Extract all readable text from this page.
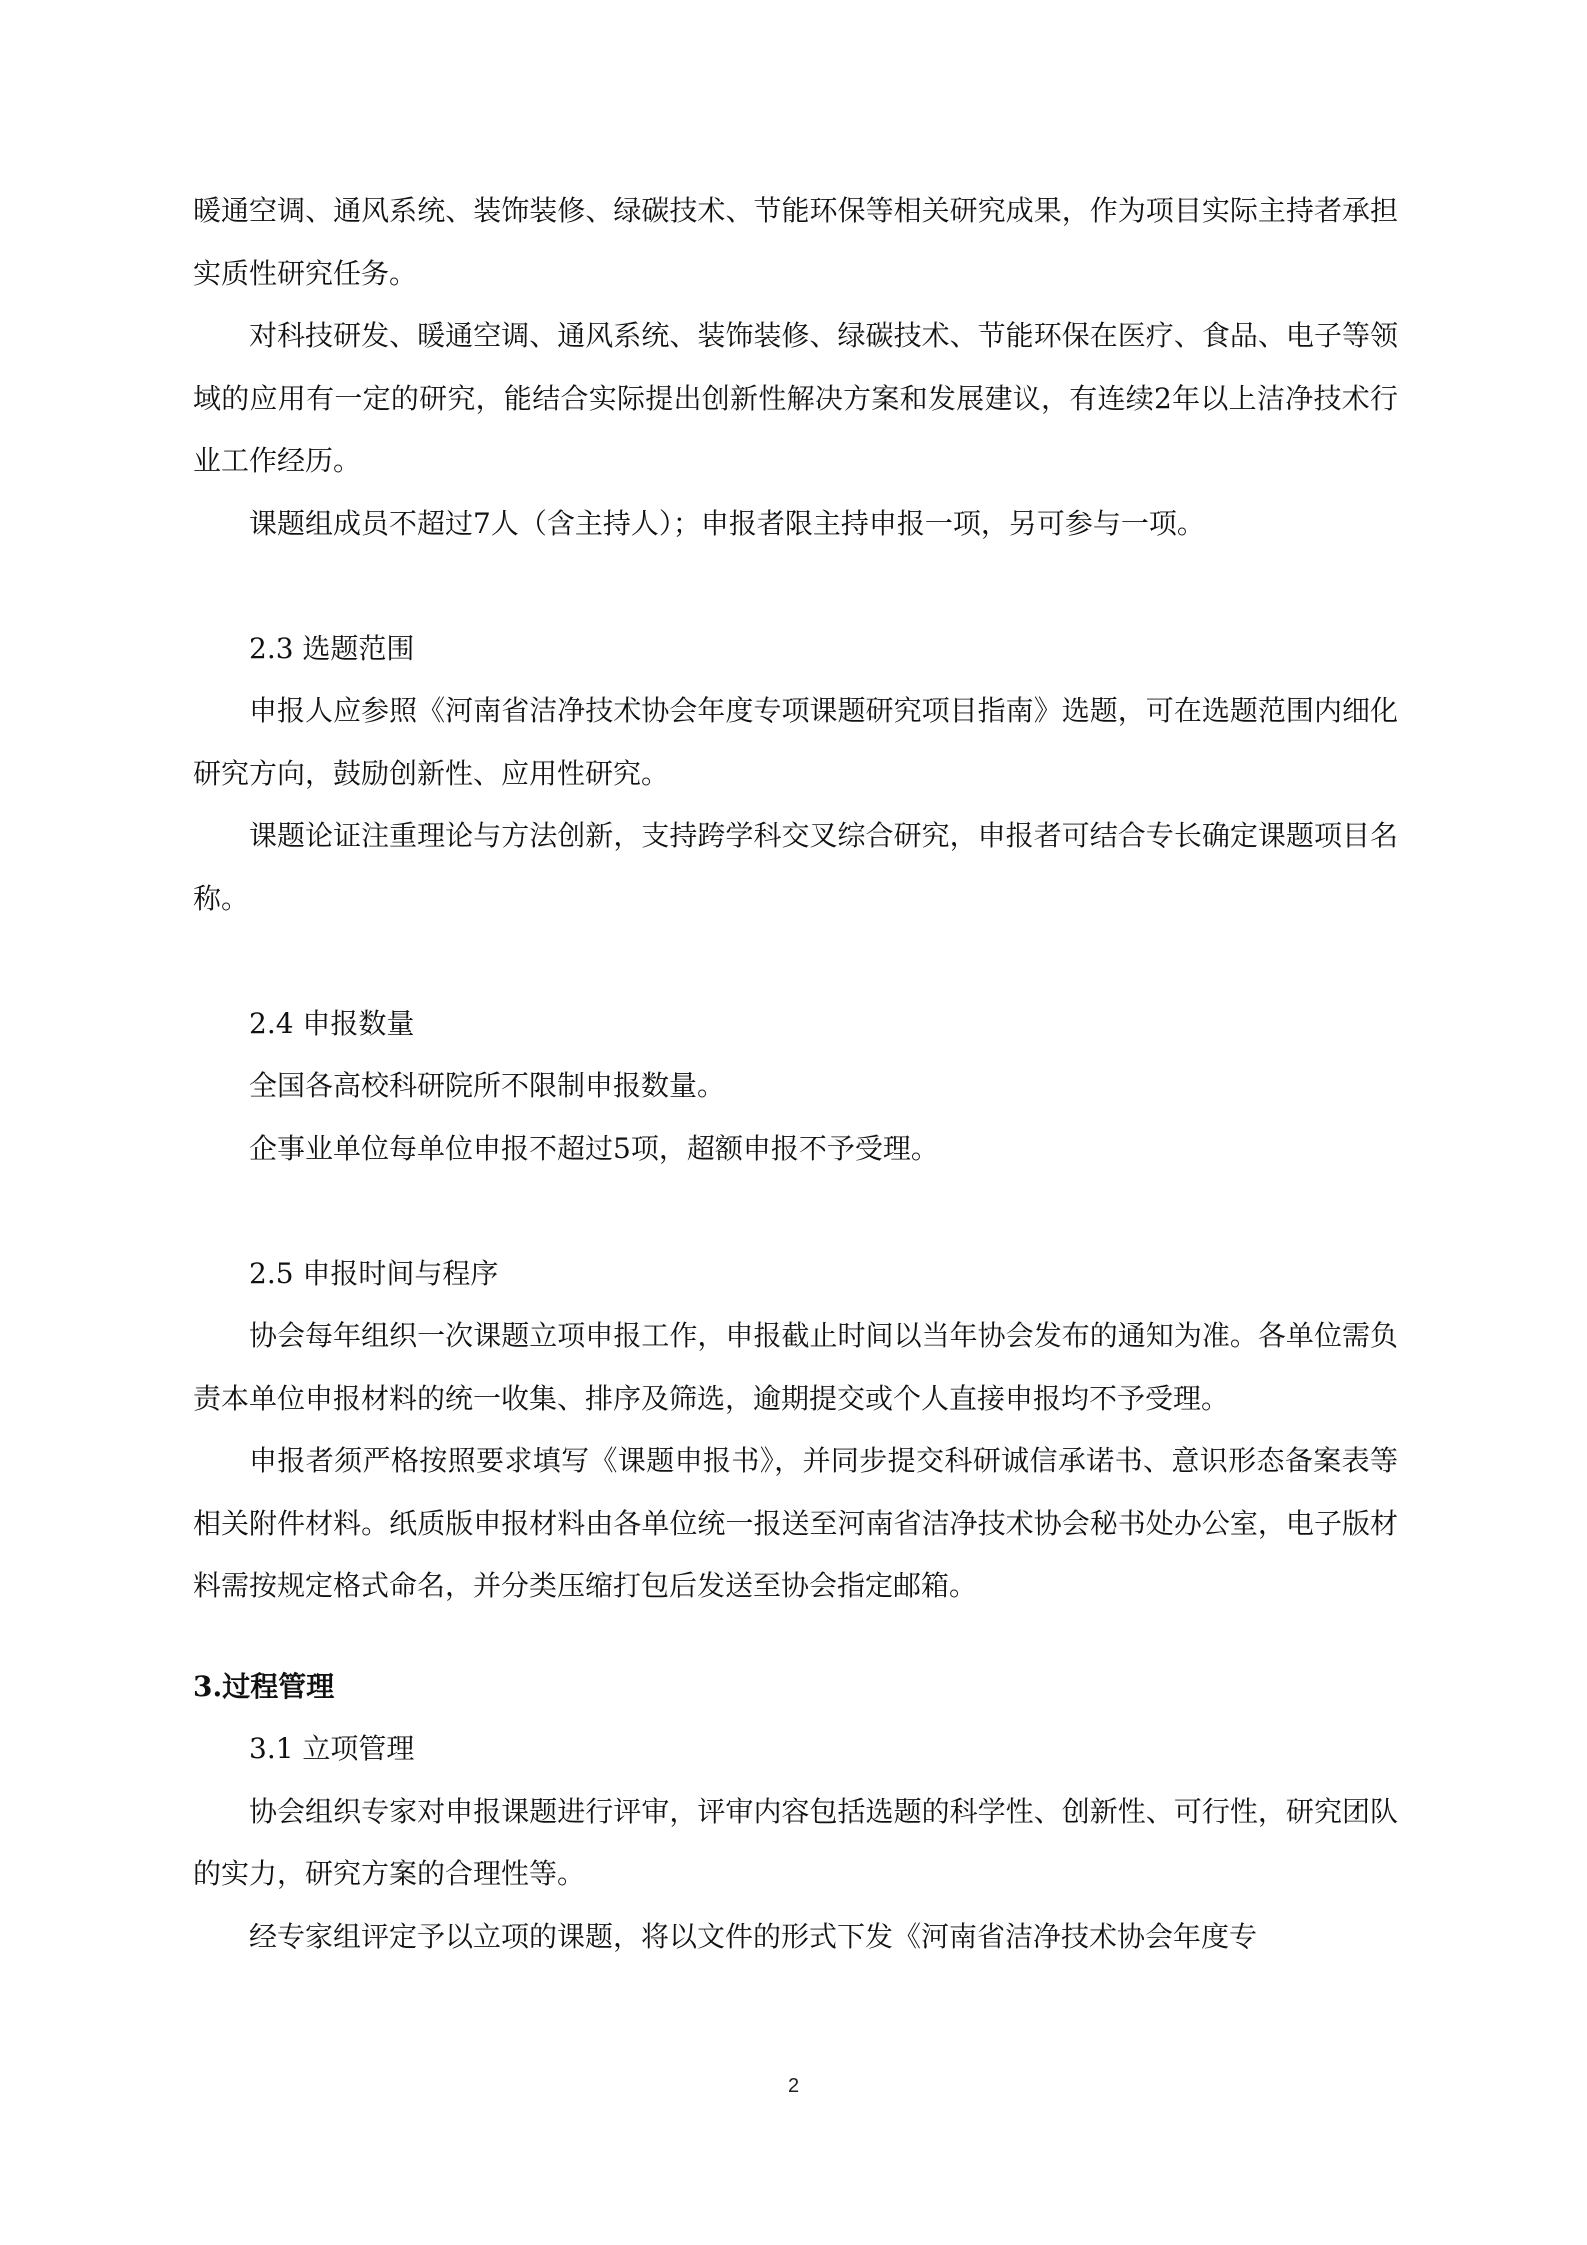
暖通空调、通风系统、装饰装修、绿碳技术、节能环保等相关研究成果，作为项目实际主持者承担实质性研究任务。

对科技研发、暖通空调、通风系统、装饰装修、绿碳技术、节能环保在医疗、食品、电子等领域的应用有一定的研究，能结合实际提出创新性解决方案和发展建议，有连续2年以上洁净技术行业工作经历。

课题组成员不超过7人（含主持人）；申报者限主持申报一项，另可参与一项。

2.3 选题范围

申报人应参照《河南省洁净技术协会年度专项课题研究项目指南》选题，可在选题范围内细化研究方向，鼓励创新性、应用性研究。

课题论证注重理论与方法创新，支持跨学科交叉综合研究，申报者可结合专长确定课题项目名称。

2.4 申报数量

全国各高校科研院所不限制申报数量。

企事业单位每单位申报不超过5项，超额申报不予受理。

2.5 申报时间与程序

协会每年组织一次课题立项申报工作，申报截止时间以当年协会发布的通知为准。各单位需负责本单位申报材料的统一收集、排序及筛选，逾期提交或个人直接申报均不予受理。

申报者须严格按照要求填写《课题申报书》，并同步提交科研诚信承诺书、意识形态备案表等相关附件材料。纸质版申报材料由各单位统一报送至河南省洁净技术协会秘书处办公室，电子版材料需按规定格式命名，并分类压缩打包后发送至协会指定邮箱。

3.过程管理

3.1 立项管理

协会组织专家对申报课题进行评审，评审内容包括选题的科学性、创新性、可行性，研究团队的实力，研究方案的合理性等。

经专家组评定予以立项的课题，将以文件的形式下发《河南省洁净技术协会年度专

2
